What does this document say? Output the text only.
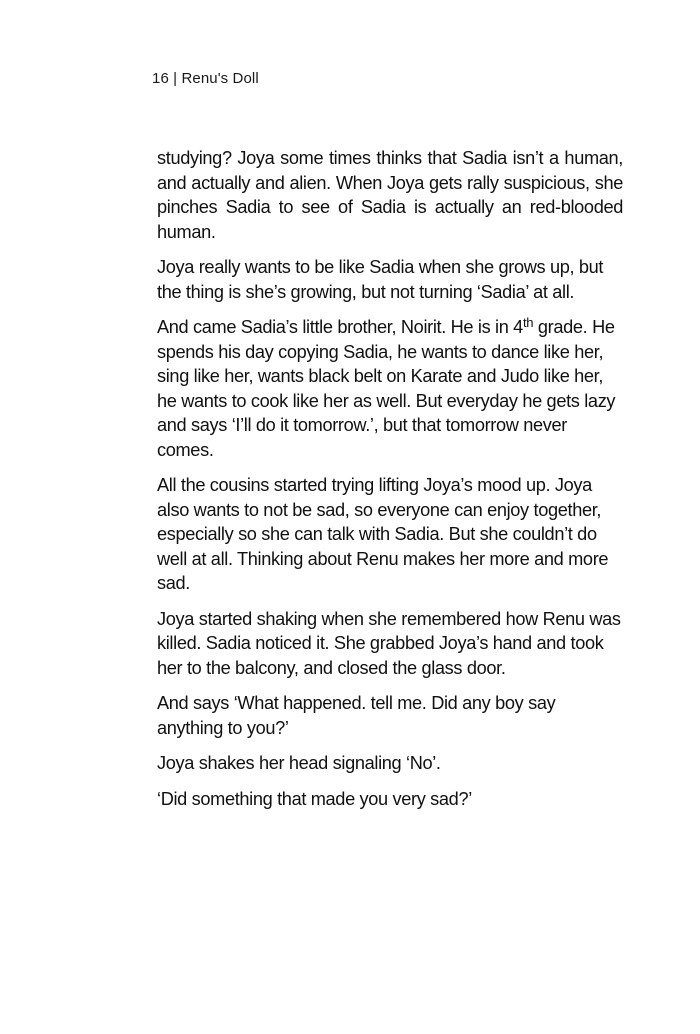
16 | Renu's Doll

studying? Joya some times thinks that Sadia isn’t a human, and actually and alien. When Joya gets rally suspicious, she pinches Sadia to see of Sadia is actually an red-blooded human.

Joya really wants to be like Sadia when she grows up, but the thing is she’s growing, but not turning ‘Sadia’ at all.

And came Sadia’s little brother, Noirit. He is in 4th grade. He spends his day copying Sadia, he wants to dance like her, sing like her, wants black belt on Karate and Judo like her, he wants to cook like her as well. But everyday he gets lazy and says ‘I’ll do it tomorrow.’, but that tomorrow never comes.

All the cousins started trying lifting Joya’s mood up. Joya also wants to not be sad, so everyone can enjoy together, especially so she can talk with Sadia. But she couldn’t do well at all. Thinking about Renu makes her more and more sad.

Joya started shaking when she remembered how Renu was killed. Sadia noticed it. She grabbed Joya’s hand and took her to the balcony, and closed the glass door.

And says ‘What happened. tell me. Did any boy say anything to you?’

Joya shakes her head signaling ‘No’.

‘Did something that made you very sad?’
